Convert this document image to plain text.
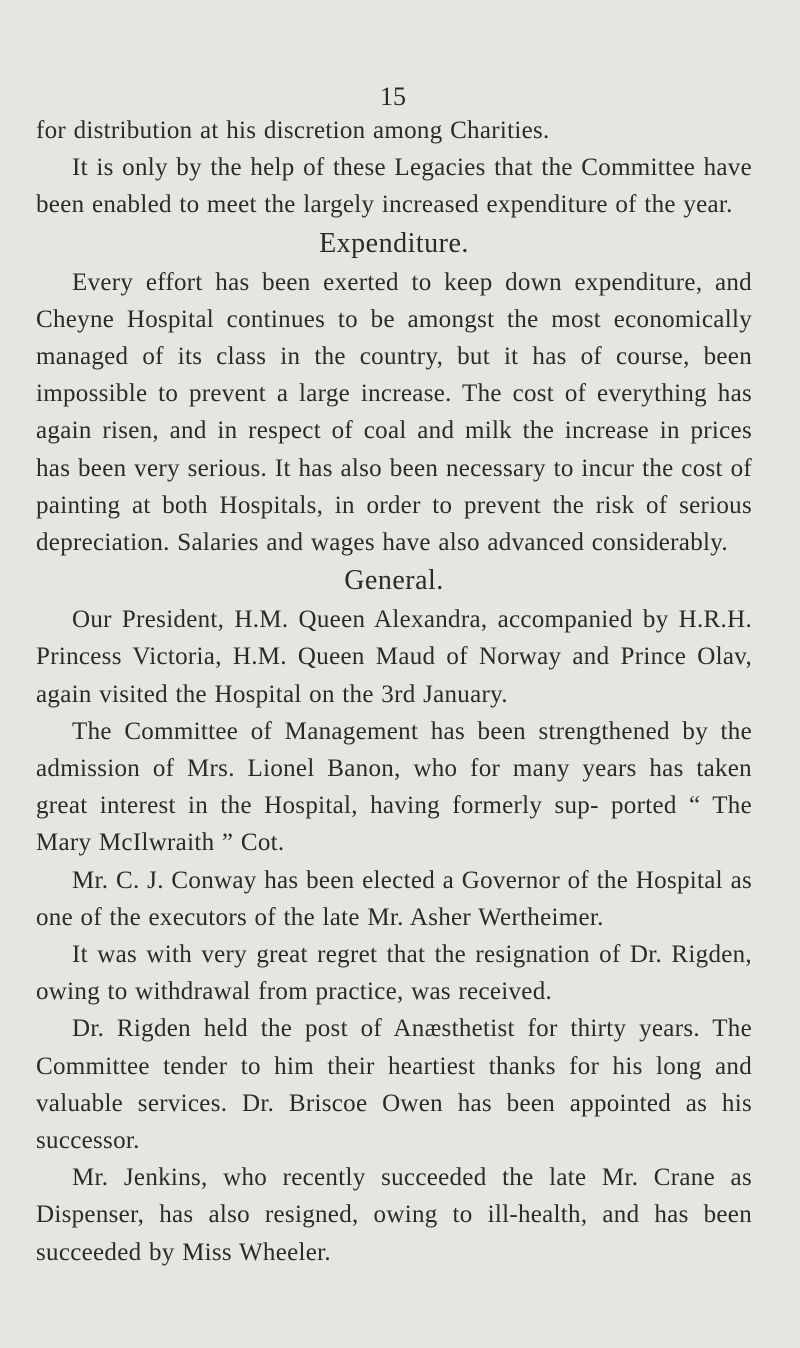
15

for distribution at his discretion among Charities.

It is only by the help of these Legacies that the Committee have been enabled to meet the largely increased expenditure of the year.

Expenditure.

Every effort has been exerted to keep down expenditure, and Cheyne Hospital continues to be amongst the most economically managed of its class in the country, but it has of course, been impossible to prevent a large increase. The cost of everything has again risen, and in respect of coal and milk the increase in prices has been very serious. It has also been necessary to incur the cost of painting at both Hospitals, in order to prevent the risk of serious depreciation. Salaries and wages have also advanced considerably.

General.

Our President, H.M. Queen Alexandra, accompanied by H.R.H. Princess Victoria, H.M. Queen Maud of Norway and Prince Olav, again visited the Hospital on the 3rd January.

The Committee of Management has been strengthened by the admission of Mrs. Lionel Banon, who for many years has taken great interest in the Hospital, having formerly sup- ported “ The Mary McIlwraith ” Cot.

Mr. C. J. Conway has been elected a Governor of the Hospital as one of the executors of the late Mr. Asher Wertheimer.

It was with very great regret that the resignation of Dr. Rigden, owing to withdrawal from practice, was received.

Dr. Rigden held the post of Anæsthetist for thirty years. The Committee tender to him their heartiest thanks for his long and valuable services. Dr. Briscoe Owen has been appointed as his successor.

Mr. Jenkins, who recently succeeded the late Mr. Crane as Dispenser, has also resigned, owing to ill-health, and has been succeeded by Miss Wheeler.
